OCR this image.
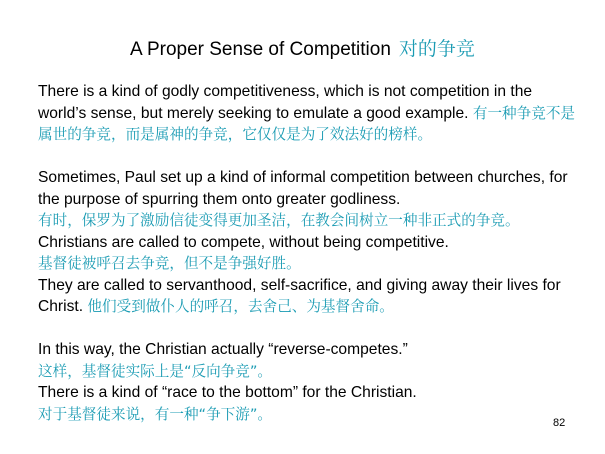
A Proper Sense of Competition 对的争竞

There is a kind of godly competitiveness, which is not competition in the world’s sense, but merely seeking to emulate a good example. 有一种争竞不是属世的争竞，而是属神的争竞，它仅仅是为了效法好的榜样。

Sometimes, Paul set up a kind of informal competition between churches, for the purpose of spurring them onto greater godliness.
有时，保罗为了激励信徒变得更加圣洁，在教会间树立一种非正式的争竞。

Christians are called to compete, without being competitive.
基督徒被呼召去争竞，但不是争强好胜。

They are called to servanthood, self-sacrifice, and giving away their lives for Christ. 他们受到做仆人的呼召，去舍己、为基督舍命。

In this way, the Christian actually “reverse-competes.”
这样，基督徒实际上是“反向争竞”。

There is a kind of “race to the bottom” for the Christian.
对于基督徒来说，有一种“争下游”。

82
